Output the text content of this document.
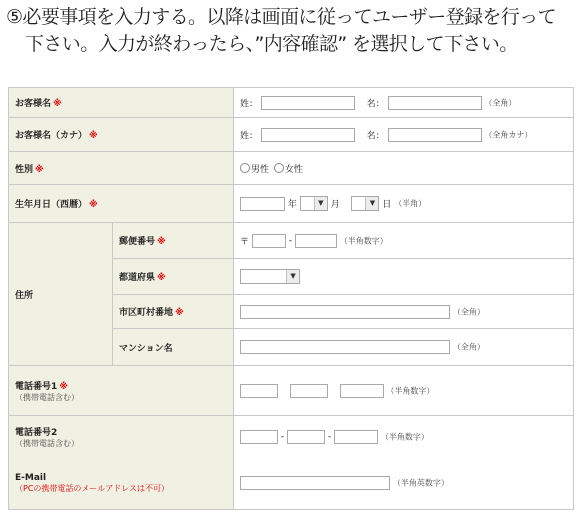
⑤必要事項を入力する。以降は画面に従ってユーザー登録を行って
下さい。入力が終わったら、”内容確認” を選択して下さい。
お客様名 ※		姓： 名： （全角）
お客様名（カナ） ※		姓： 名： （全角カナ）
性別 ※		男性 女性
生年月日（西暦） ※		年 ▼ 月 ▼ 日 （半角）
住所	郵便番号 ※	〒 - （半角数字）
	都道府県 ※	▼

	市区町村番地 ※	（全角）
	マンション名	（全角）

電話番号1 ※
（携帯電話含む）		（半角数字）

電話番号2
（携帯電話含む）		- - （半角数字）

E-Mail
（PCの携帯電話のメールアドレスは不可）		（半角英数字）
